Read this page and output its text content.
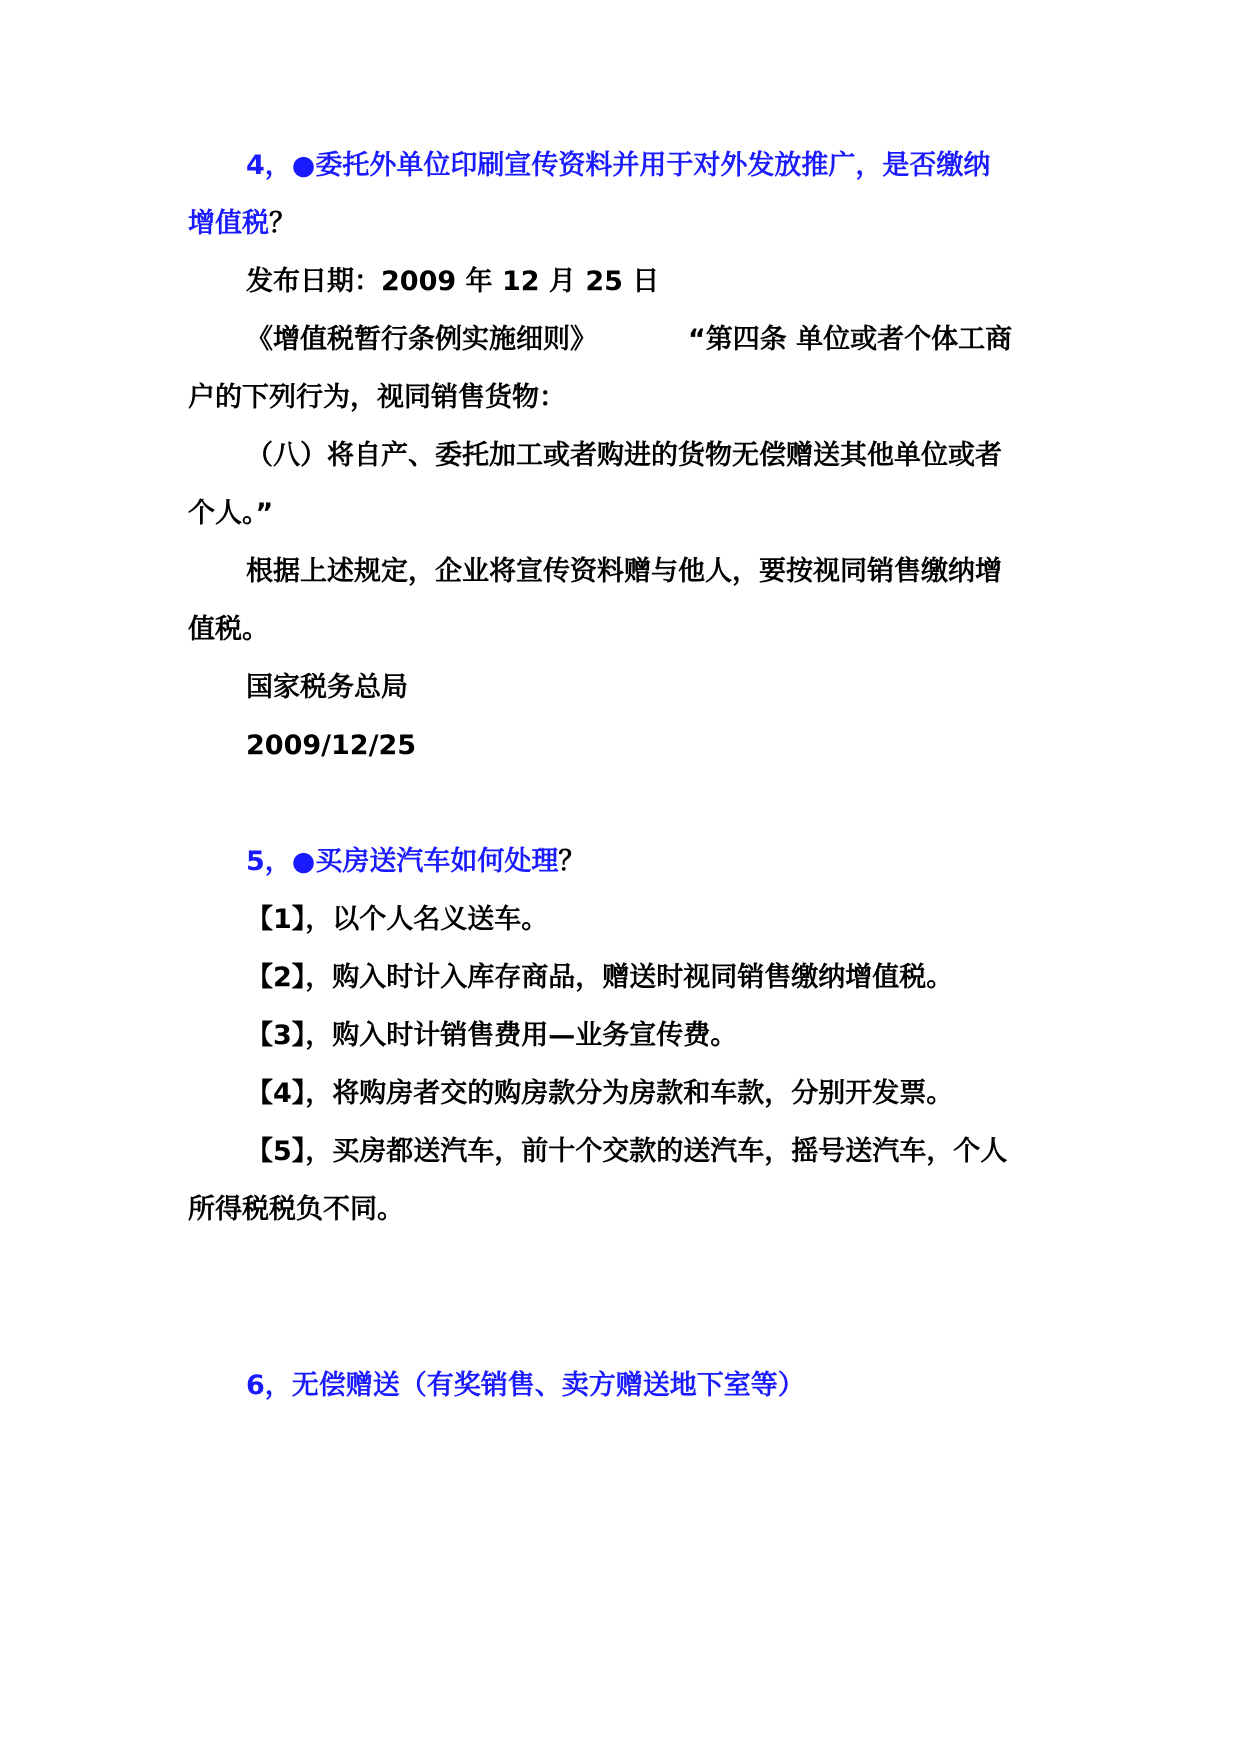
4，●委托外单位印刷宣传资料并用于对外发放推广，是否缴纳
增值税？
发布日期：2009 年 12 月 25 日
《增值税暂行条例实施细则》	“第四条 单位或者个体工商
户的下列行为，视同销售货物：
（八）将自产、委托加工或者购进的货物无偿赠送其他单位或者
个人。”
根据上述规定，企业将宣传资料赠与他人，要按视同销售缴纳增
值税。
国家税务总局
2009/12/25
5，●买房送汽车如何处理？
【1】，以个人名义送车。
【2】，购入时计入库存商品，赠送时视同销售缴纳增值税。
【3】，购入时计销售费用—业务宣传费。
【4】，将购房者交的购房款分为房款和车款，分别开发票。
【5】，买房都送汽车，前十个交款的送汽车，摇号送汽车，个人
所得税税负不同。
6，无偿赠送（有奖销售、卖方赠送地下室等）
